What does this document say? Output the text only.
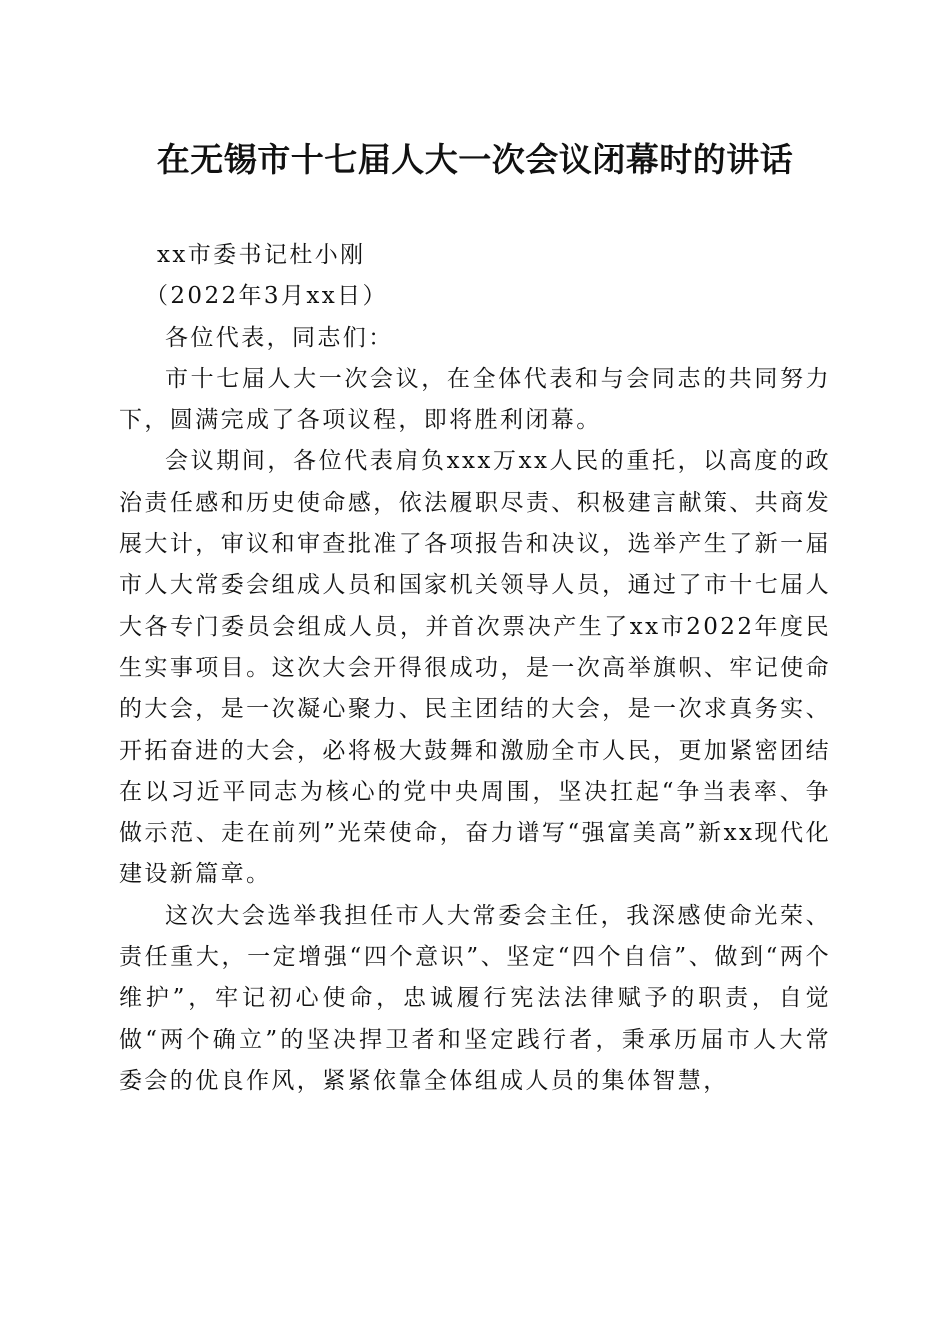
在无锡市十七届人大一次会议闭幕时的讲话

xx市委书记杜小刚

（2022年3月xx日）

各位代表，同志们：

市十七届人大一次会议，在全体代表和与会同志的共同努力下，圆满完成了各项议程，即将胜利闭幕。

会议期间，各位代表肩负xxx万xx人民的重托，以高度的政治责任感和历史使命感，依法履职尽责、积极建言献策、共商发展大计，审议和审查批准了各项报告和决议，选举产生了新一届市人大常委会组成人员和国家机关领导人员，通过了市十七届人大各专门委员会组成人员，并首次票决产生了xx市2022年度民生实事项目。这次大会开得很成功，是一次高举旗帜、牢记使命的大会，是一次凝心聚力、民主团结的大会，是一次求真务实、开拓奋进的大会，必将极大鼓舞和激励全市人民，更加紧密团结在以习近平同志为核心的党中央周围，坚决扛起“争当表率、争做示范、走在前列”光荣使命，奋力谱写“强富美高”新xx现代化建设新篇章。

这次大会选举我担任市人大常委会主任，我深感使命光荣、责任重大，一定增强“四个意识”、坚定“四个自信”、做到“两个维护”，牢记初心使命，忠诚履行宪法法律赋予的职责，自觉做“两个确立”的坚决捍卫者和坚定践行者，秉承历届市人大常委会的优良作风，紧紧依靠全体组成人员的集体智慧，
